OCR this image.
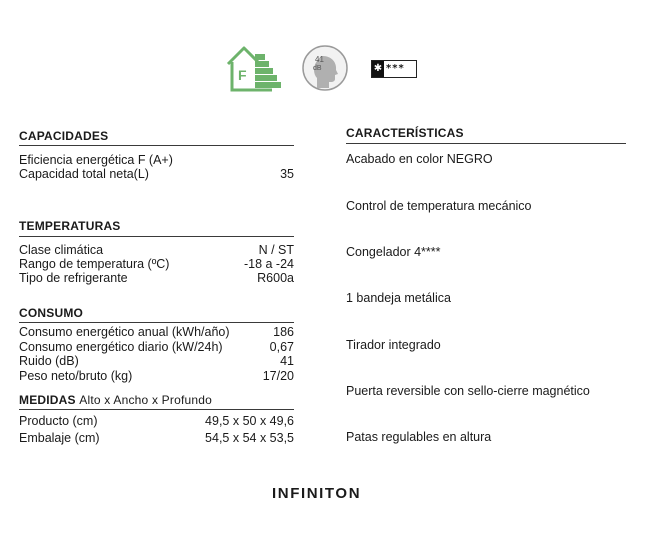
F
41
dB	✱ ***
CAPACIDADES
Eficiencia energética F (A+)
Capacidad total neta(L)	35
TEMPERATURAS
Clase climática	N / ST
Rango de temperatura (ºC)	-18 a -24
Tipo de refrigerante	R600a
CONSUMO
Consumo energético anual (kWh/año)	186
Consumo energético diario (kW/24h)	0,67
Ruido (dB)	41
Peso neto/bruto (kg)	17/20
MEDIDAS Alto x Ancho x Profundo
Producto (cm)	49,5 x 50 x 49,6
Embalaje (cm)	54,5 x 54 x 53,5
CARACTERÍSTICAS
Acabado en color NEGRO
Control de temperatura mecánico
Congelador 4****
1 bandeja metálica
Tirador integrado
Puerta reversible con sello-cierre magnético
Patas regulables en altura
INFINITON
